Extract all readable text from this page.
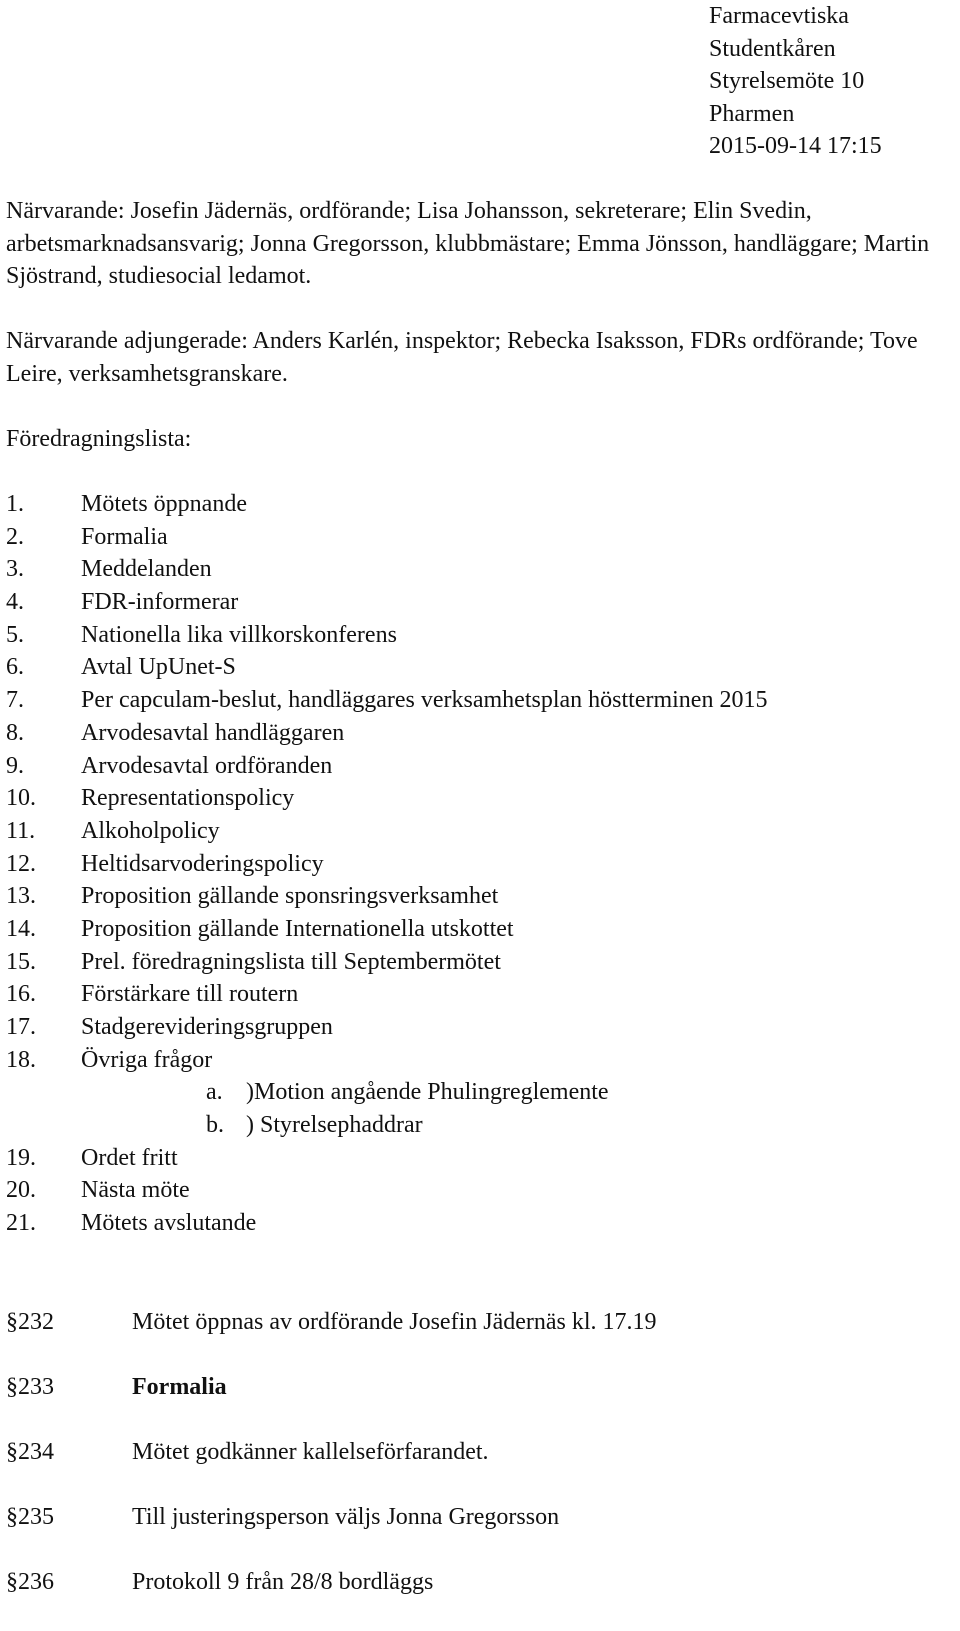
Farmacevtiska
Studentkåren
Styrelsemöte 10
Pharmen
2015-09-14 17:15
Närvarande: Josefin Jädernäs, ordförande; Lisa Johansson, sekreterare; Elin Svedin, arbetsmarknadsansvarig; Jonna Gregorsson, klubbmästare; Emma Jönsson, handläggare; Martin Sjöstrand, studiesocial ledamot.
Närvarande adjungerade: Anders Karlén, inspektor; Rebecka Isaksson, FDRs ordförande; Tove Leire, verksamhetsgranskare.
Föredragningslista:
1. Mötets öppnande
2. Formalia
3. Meddelanden
4. FDR-informerar
5. Nationella lika villkorskonferens
6. Avtal UpUnet-S
7. Per capculam-beslut, handläggares verksamhetsplan höstterminen 2015
8. Arvodesavtal handläggaren
9. Arvodesavtal ordföranden
10. Representationspolicy
11. Alkoholpolicy
12. Heltidsarvoderingspolicy
13. Proposition gällande sponsringsverksamhet
14. Proposition gällande Internationella utskottet
15. Prel. föredragningslista till Septembermötet
16. Förstärkare till routern
17. Stadgerevideringsgruppen
18. Övriga frågor
a. )Motion angående Phulingreglemente
b. ) Styrelsephaddrar
19. Ordet fritt
20. Nästa möte
21. Mötets avslutande
§232	Mötet öppnas av ordförande Josefin Jädernäs kl. 17.19
§233	Formalia
§234	Mötet godkänner kallelseförfarandet.
§235	Till justeringsperson väljs Jonna Gregorsson
§236	Protokoll 9 från 28/8 bordläggs
